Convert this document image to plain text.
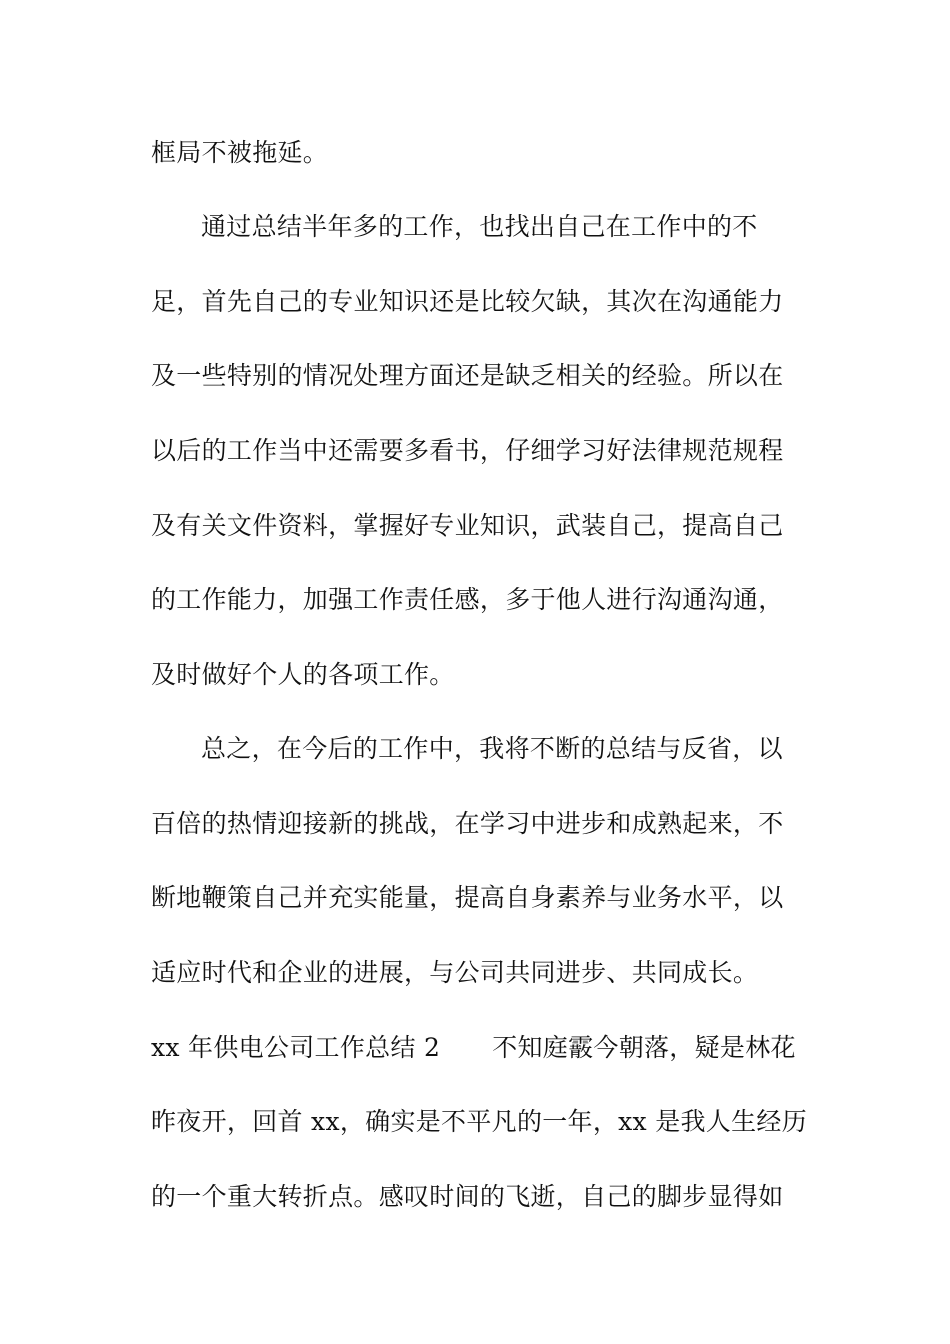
框局不被拖延。
通过总结半年多的工作，也找出自己在工作中的不
足，首先自己的专业知识还是比较欠缺，其次在沟通能力
及一些特别的情况处理方面还是缺乏相关的经验。所以在
以后的工作当中还需要多看书，仔细学习好法律规范规程
及有关文件资料，掌握好专业知识，武装自己，提高自己
的工作能力，加强工作责任感，多于他人进行沟通沟通，
及时做好个人的各项工作。
总之，在今后的工作中，我将不断的总结与反省，以
百倍的热情迎接新的挑战，在学习中进步和成熟起来，不
断地鞭策自己并充实能量，提高自身素养与业务水平，以
适应时代和企业的进展，与公司共同进步、共同成长。
xx 年供电公司工作总结 2 不知庭霰今朝落，疑是林花
昨夜开，回首 xx，确实是不平凡的一年，xx 是我人生经历
的一个重大转折点。感叹时间的飞逝，自己的脚步显得如
